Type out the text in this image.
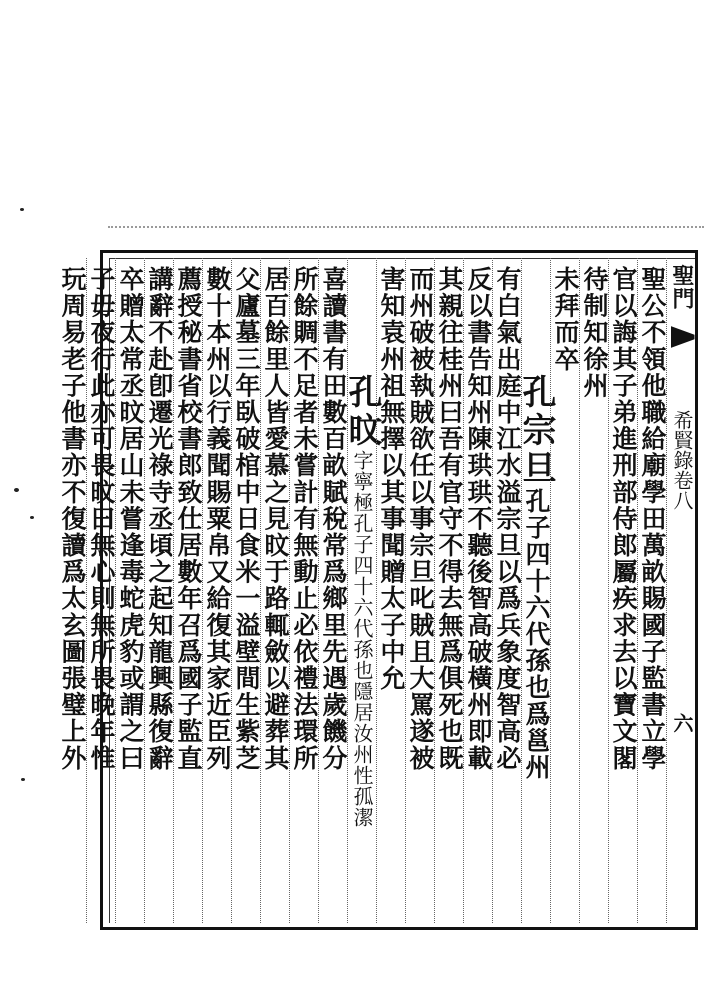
聖門
希賢錄卷八
六
聖公不領他職給廟學田萬畝賜國子監書立學
官以誨其子弟進刑部侍郎屬疾求去以寶文閣
待制知徐州
未拜而卒
孔宗旦孔子四十六代孫也爲邕州
有白氣出庭中江水溢宗旦以爲兵象度智高必
反以書告知州陳珙珙不聽後智高破橫州即載
其親往桂州曰吾有官守不得去無爲俱死也既
而州破被執賊欲任以事宗旦叱賊且大罵遂被
害知袁州祖無擇以其事聞贈太子中允
孔旼字寧極孔子四十六代孫也隱居汝州性孤潔
喜讀書有田數百畝賦稅常爲鄉里先遇歲饑分
所餘賙不足者未嘗計有無動止必依禮法環所
居百餘里人皆愛慕之見旼于路輒斂以避葬其
父廬墓三年臥破棺中日食米一溢壁間生紫芝
數十本州以行義聞賜粟帛又給復其家近臣列
薦授秘書省校書郎致仕居數年召爲國子監直
講辭不赴卽遷光祿寺丞頃之起知龍興縣復辭
卒贈太常丞旼居山未嘗逢毒蛇虎豹或謂之曰
子毋夜行此亦可畏旼曰無心則無所畏晚年惟
玩周易老子他書亦不復讀爲太玄圖張璧上外
